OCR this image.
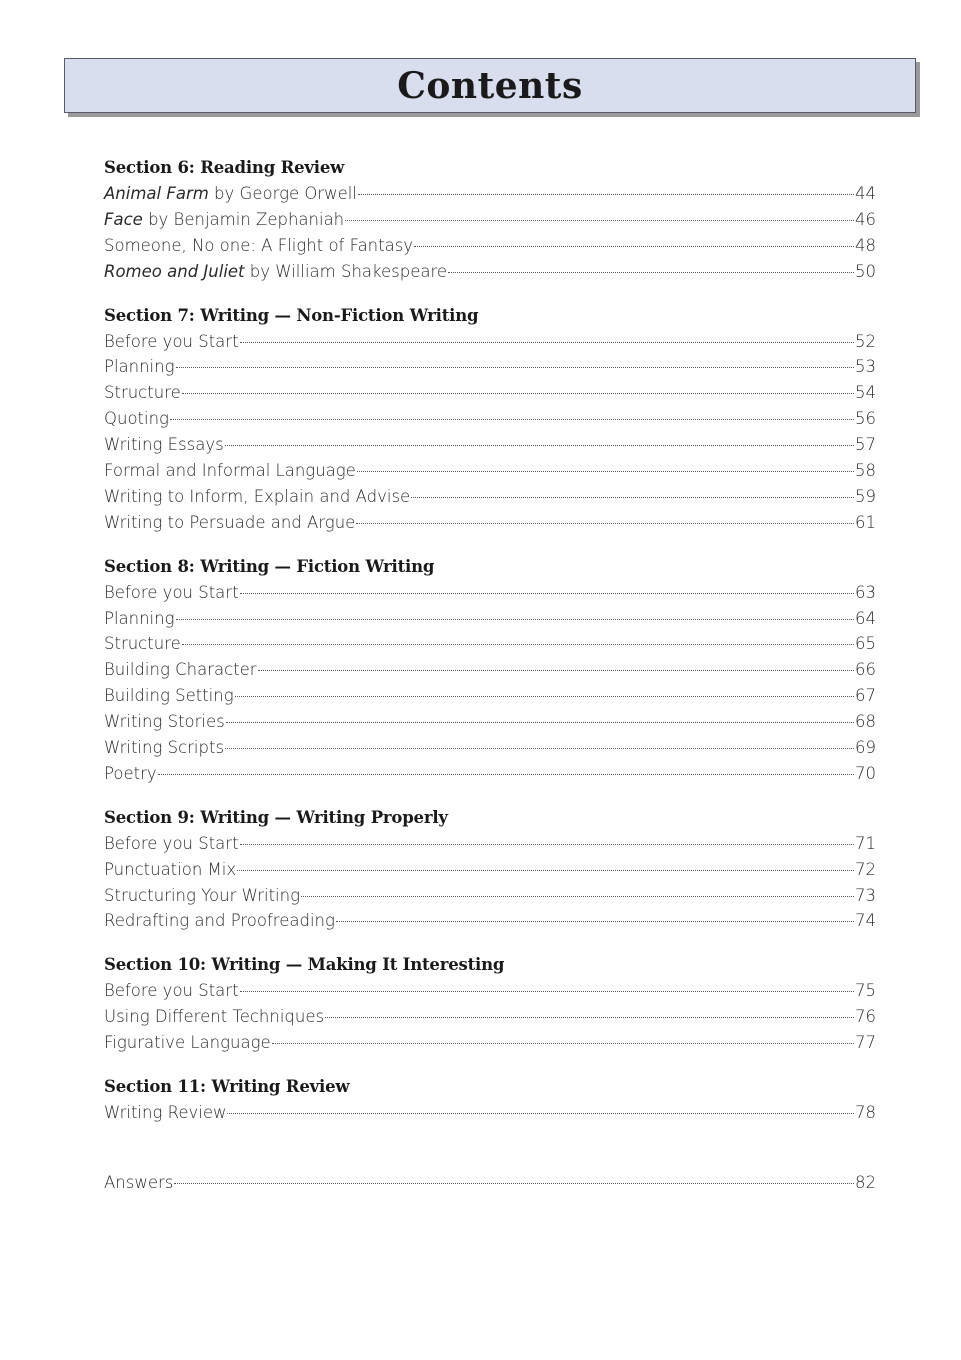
Contents
Section 6: Reading Review
Animal Farm by George Orwell	44
Face by Benjamin Zephaniah	46
Someone, No one: A Flight of Fantasy	48
Romeo and Juliet by William Shakespeare	50
Section 7: Writing — Non-Fiction Writing
Before you Start	52
Planning	53
Structure	54
Quoting	56
Writing Essays	57
Formal and Informal Language	58
Writing to Inform, Explain and Advise	59
Writing to Persuade and Argue	61
Section 8: Writing — Fiction Writing
Before you Start	63
Planning	64
Structure	65
Building Character	66
Building Setting	67
Writing Stories	68
Writing Scripts	69
Poetry	70
Section 9: Writing — Writing Properly
Before you Start	71
Punctuation Mix	72
Structuring Your Writing	73
Redrafting and Proofreading	74
Section 10: Writing — Making It Interesting
Before you Start	75
Using Different Techniques	76
Figurative Language	77
Section 11: Writing Review
Writing Review	78
Answers	82
